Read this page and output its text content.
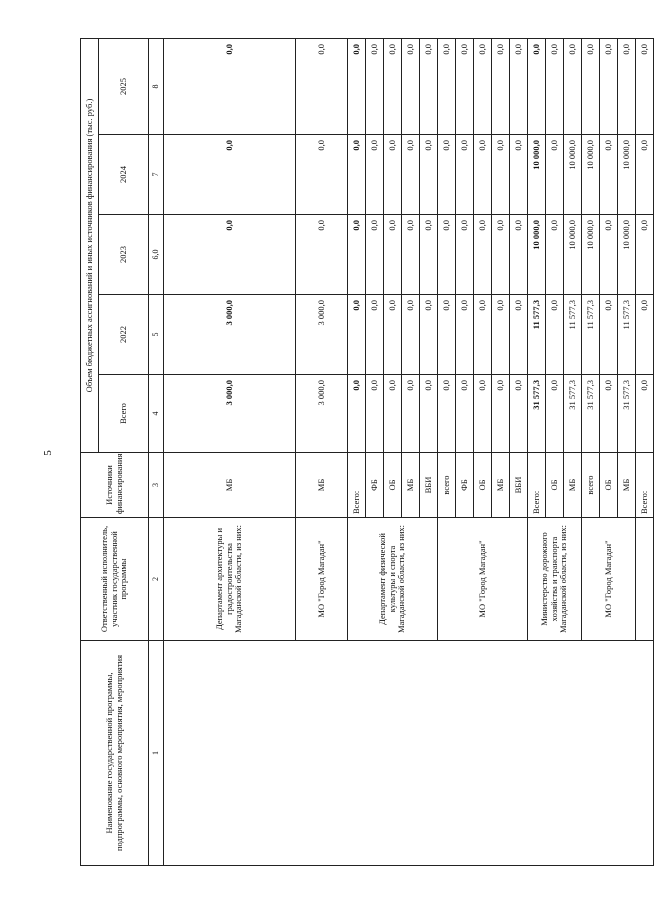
5
Наименование государственной программы, подпрограммы, основного мероприятия, мероприятия	Ответственный исполнитель, участник государственной программы	Источники финансирования	Объем бюджетных ассигнований и иных источников финансирования (тыс. руб.)				
			Всего	2022	2023	2024	2025
1	2	3	4	5	6,0	7	8
	Департамент архитектуры и градостроительства Магаданской области, из них:	МБ	3 000,0	3 000,0	0,0	0,0	0,0
	МО "Город Магадан"	МБ	3 000,0	3 000,0	0,0	0,0	0,0
	Департамент физической культуры и спорта Магаданской области, из них:	Всего:	0,0	0,0	0,0	0,0	0,0
		ФБ	0,0	0,0	0,0	0,0	0,0
		ОБ	0,0	0,0	0,0	0,0	0,0
		МБ	0,0	0,0	0,0	0,0	0,0
		ВБИ	0,0	0,0	0,0	0,0	0,0
	МО "Город Магадан"	всего	0,0	0,0	0,0	0,0	0,0
		ФБ	0,0	0,0	0,0	0,0	0,0
		ОБ	0,0	0,0	0,0	0,0	0,0
		МБ	0,0	0,0	0,0	0,0	0,0
		ВБИ	0,0	0,0	0,0	0,0	0,0
	Министерство дорожного хозяйства и транспорта Магаданской области, из них:	Всего:	31 577,3	11 577,3	10 000,0	10 000,0	0,0
		ОБ	0,0	0,0	0,0	0,0	0,0
		МБ	31 577,3	11 577,3	10 000,0	10 000,0	0,0
	МО "Город Магадан"	всего	31 577,3	11 577,3	10 000,0	10 000,0	0,0
		ОБ	0,0	0,0	0,0	0,0	0,0
		МБ	31 577,3	11 577,3	10 000,0	10 000,0	0,0
		Всего:	0,0	0,0	0,0	0,0	0,0
